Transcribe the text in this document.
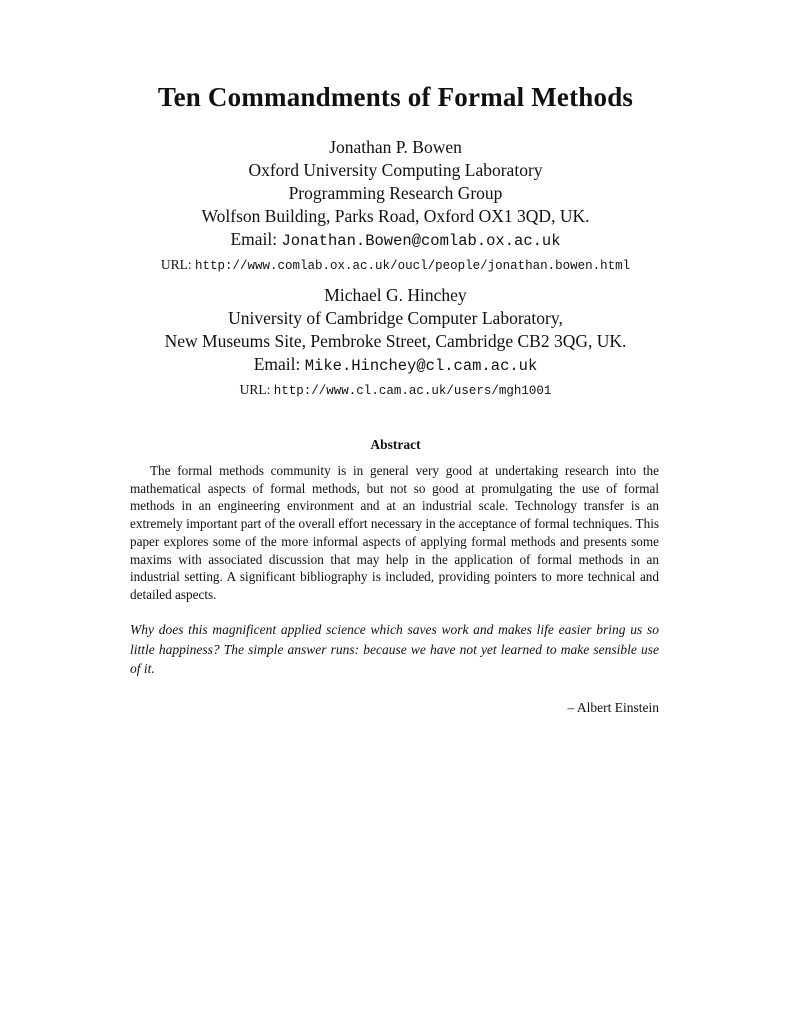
Ten Commandments of Formal Methods
Jonathan P. Bowen
Oxford University Computing Laboratory
Programming Research Group
Wolfson Building, Parks Road, Oxford OX1 3QD, UK.
Email: Jonathan.Bowen@comlab.ox.ac.uk
URL: http://www.comlab.ox.ac.uk/oucl/people/jonathan.bowen.html
Michael G. Hinchey
University of Cambridge Computer Laboratory,
New Museums Site, Pembroke Street, Cambridge CB2 3QG, UK.
Email: Mike.Hinchey@cl.cam.ac.uk
URL: http://www.cl.cam.ac.uk/users/mgh1001
Abstract

The formal methods community is in general very good at undertaking research into the mathematical aspects of formal methods, but not so good at promulgating the use of formal methods in an engineering environment and at an industrial scale. Technology transfer is an extremely important part of the overall effort necessary in the acceptance of formal techniques. This paper explores some of the more informal aspects of applying formal methods and presents some maxims with associated discussion that may help in the application of formal methods in an industrial setting. A significant bibliography is included, providing pointers to more technical and detailed aspects.

Why does this magnificent applied science which saves work and makes life easier bring us so little happiness? The simple answer runs: because we have not yet learned to make sensible use of it.

– Albert Einstein
